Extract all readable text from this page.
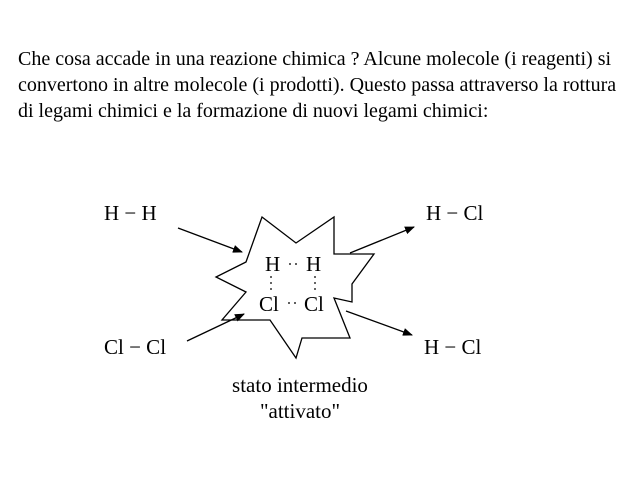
Che cosa accade in una reazione chimica ? Alcune molecole (i reagenti) si convertono in altre molecole (i prodotti). Questo passa attraverso la rottura di legami chimici e la formazione di nuovi legami chimici:

H − H
Cl − Cl
H − Cl
H − Cl
H H
Cl Cl
stato intermedio
"attivato"
